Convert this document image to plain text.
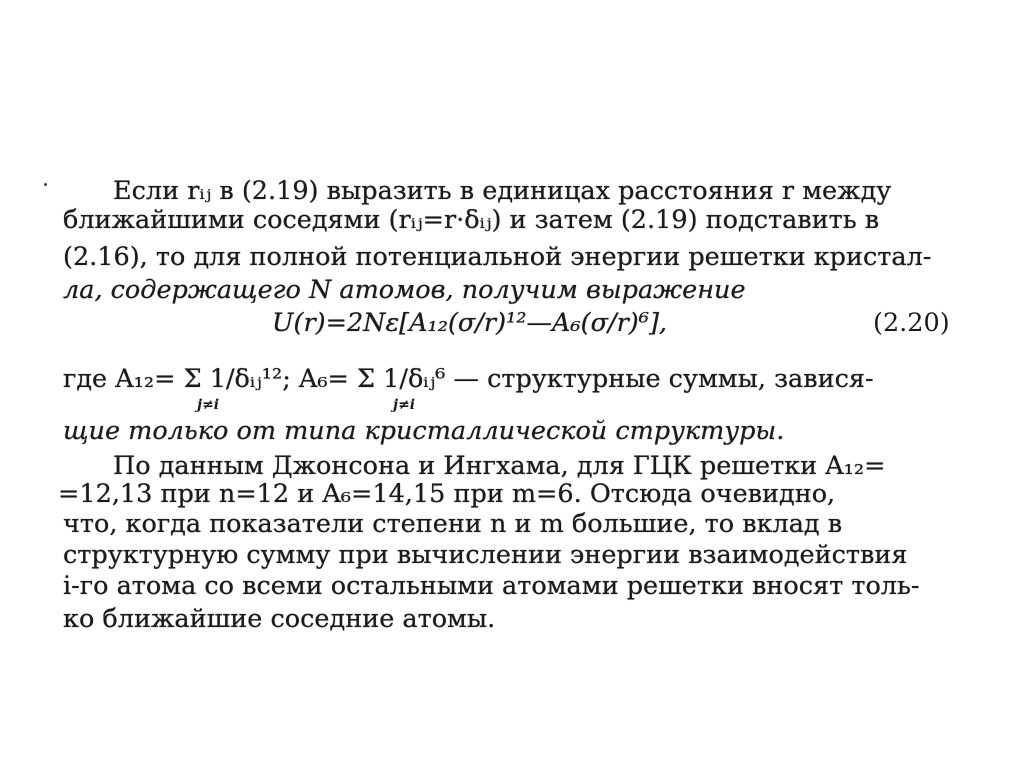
Если rᵢⱼ в (2.19) выразить в единицах расстояния r между
ближайшими соседями (rᵢⱼ=r·δᵢⱼ) и затем (2.19) подставить в
(2.16), то для полной потенциальной энергии решетки кристал-
ла, содержащего N атомов, получим выражение
U(r)=2Nε[A₁₂(σ/r)¹²—A₆(σ/r)⁶],	(2.20)
где A₁₂= Σ 1/δᵢⱼ¹²; A₆= Σ 1/δᵢⱼ⁶ — структурные суммы, завися-
j≠i	j≠i
щие только от типа кристаллической структуры.
По данным Джонсона и Ингхама, для ГЦК решетки A₁₂=
=12,13 при n=12 и A₆=14,15 при m=6. Отсюда очевидно,
что, когда показатели степени n и m большие, то вклад в
структурную сумму при вычислении энергии взаимодействия
i-го атома со всеми остальными атомами решетки вносят толь-
ко ближайшие соседние атомы.
